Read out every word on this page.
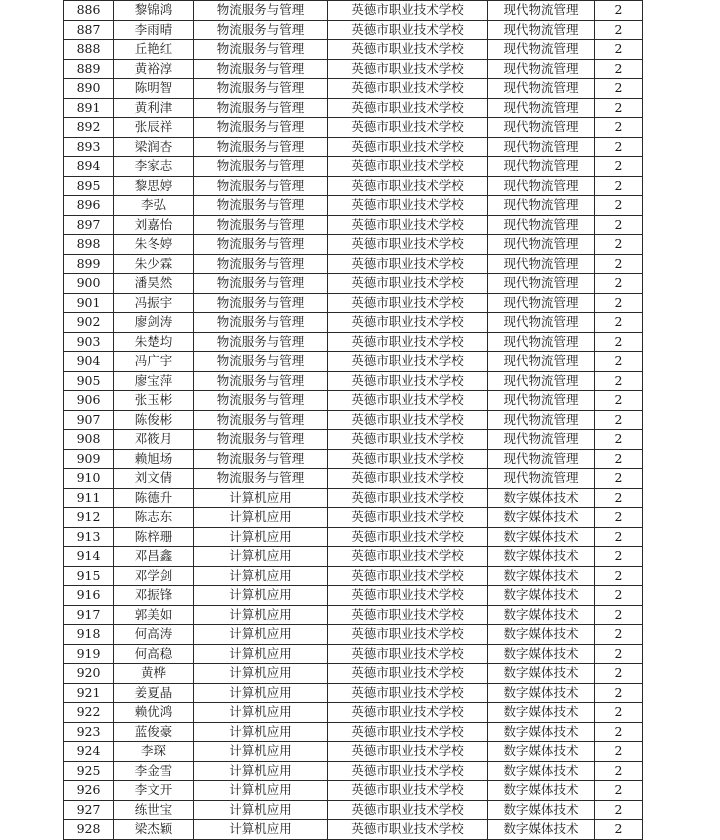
886	黎锦鸿	物流服务与管理	英德市职业技术学校	现代物流管理	2
887	李雨晴	物流服务与管理	英德市职业技术学校	现代物流管理	2
888	丘艳红	物流服务与管理	英德市职业技术学校	现代物流管理	2
889	黄裕淳	物流服务与管理	英德市职业技术学校	现代物流管理	2
890	陈明智	物流服务与管理	英德市职业技术学校	现代物流管理	2
891	黄利津	物流服务与管理	英德市职业技术学校	现代物流管理	2
892	张辰祥	物流服务与管理	英德市职业技术学校	现代物流管理	2
893	梁润杏	物流服务与管理	英德市职业技术学校	现代物流管理	2
894	李家志	物流服务与管理	英德市职业技术学校	现代物流管理	2
895	黎思婷	物流服务与管理	英德市职业技术学校	现代物流管理	2
896	李弘	物流服务与管理	英德市职业技术学校	现代物流管理	2
897	刘嘉怡	物流服务与管理	英德市职业技术学校	现代物流管理	2
898	朱冬婷	物流服务与管理	英德市职业技术学校	现代物流管理	2
899	朱少霖	物流服务与管理	英德市职业技术学校	现代物流管理	2
900	潘昊然	物流服务与管理	英德市职业技术学校	现代物流管理	2
901	冯振宇	物流服务与管理	英德市职业技术学校	现代物流管理	2
902	廖剑涛	物流服务与管理	英德市职业技术学校	现代物流管理	2
903	朱楚均	物流服务与管理	英德市职业技术学校	现代物流管理	2
904	冯广宇	物流服务与管理	英德市职业技术学校	现代物流管理	2
905	廖宝萍	物流服务与管理	英德市职业技术学校	现代物流管理	2
906	张玉彬	物流服务与管理	英德市职业技术学校	现代物流管理	2
907	陈俊彬	物流服务与管理	英德市职业技术学校	现代物流管理	2
908	邓筱月	物流服务与管理	英德市职业技术学校	现代物流管理	2
909	赖旭场	物流服务与管理	英德市职业技术学校	现代物流管理	2
910	刘文倩	物流服务与管理	英德市职业技术学校	现代物流管理	2
911	陈德升	计算机应用	英德市职业技术学校	数字媒体技术	2
912	陈志东	计算机应用	英德市职业技术学校	数字媒体技术	2
913	陈梓珊	计算机应用	英德市职业技术学校	数字媒体技术	2
914	邓昌鑫	计算机应用	英德市职业技术学校	数字媒体技术	2
915	邓学剑	计算机应用	英德市职业技术学校	数字媒体技术	2
916	邓振锋	计算机应用	英德市职业技术学校	数字媒体技术	2
917	郭美如	计算机应用	英德市职业技术学校	数字媒体技术	2
918	何高涛	计算机应用	英德市职业技术学校	数字媒体技术	2
919	何高稳	计算机应用	英德市职业技术学校	数字媒体技术	2
920	黄桦	计算机应用	英德市职业技术学校	数字媒体技术	2
921	姜夏晶	计算机应用	英德市职业技术学校	数字媒体技术	2
922	赖优鸿	计算机应用	英德市职业技术学校	数字媒体技术	2
923	蓝俊豪	计算机应用	英德市职业技术学校	数字媒体技术	2
924	李琛	计算机应用	英德市职业技术学校	数字媒体技术	2
925	李金雪	计算机应用	英德市职业技术学校	数字媒体技术	2
926	李文开	计算机应用	英德市职业技术学校	数字媒体技术	2
927	练世宝	计算机应用	英德市职业技术学校	数字媒体技术	2
928	梁杰颖	计算机应用	英德市职业技术学校	数字媒体技术	2
